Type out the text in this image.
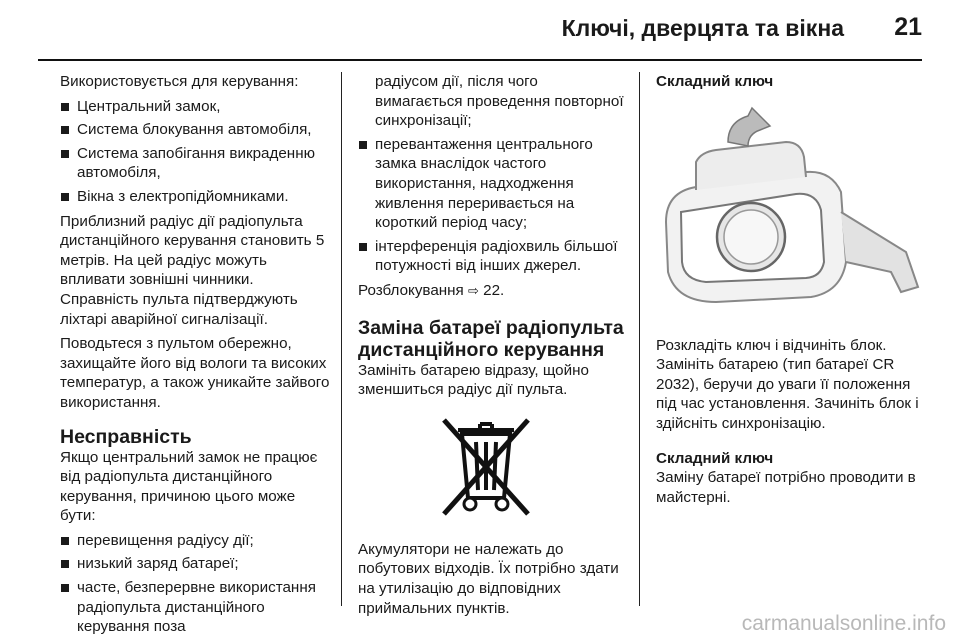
Ключі, дверцята та вікна 21

Використовується для керування:

Центральний замок,
Система блокування автомобіля,
Система запобігання викраденню автомобіля,
Вікна з електропідйомниками.

Приблизний радіус дії радіопульта дистанційного керування становить 5 метрів. На цей радіус можуть впливати зовнішні чинники. Справність пульта підтверджують ліхтарі аварійної сигналізації.

Поводьтеся з пультом обережно, захищайте його від вологи та високих температур, а також уникайте зайвого використання.

Несправність

Якщо центральний замок не працює від радіопульта дистанційного керування, причиною цього може бути:

перевищення радіусу дії;
низький заряд батареї;
часте, безперервне використання радіопульта дистанційного керування поза
радіусом дії, після чого вимагається проведення повторної синхронізації;
перевантаження центрального замка внаслідок частого використання, надходження живлення переривається на короткий період часу;
інтерференція радіохвиль більшої потужності від інших джерел.

Розблокування ⇨ 22.

Заміна батареї радіопульта дистанційного керування

Замініть батарею відразу, щойно зменшиться радіус дії пульта.

Акумулятори не належать до побутових відходів. Їх потрібно здати на утилізацію до відповідних приймальних пунктів.

Складний ключ

Розкладіть ключ і відчиніть блок. Замініть батарею (тип батареї CR 2032), беручи до уваги її положення під час установлення. Зачиніть блок і здійсніть синхронізацію.

Складний ключ

Заміну батареї потрібно проводити в майстерні.

carmanualsonline.info
